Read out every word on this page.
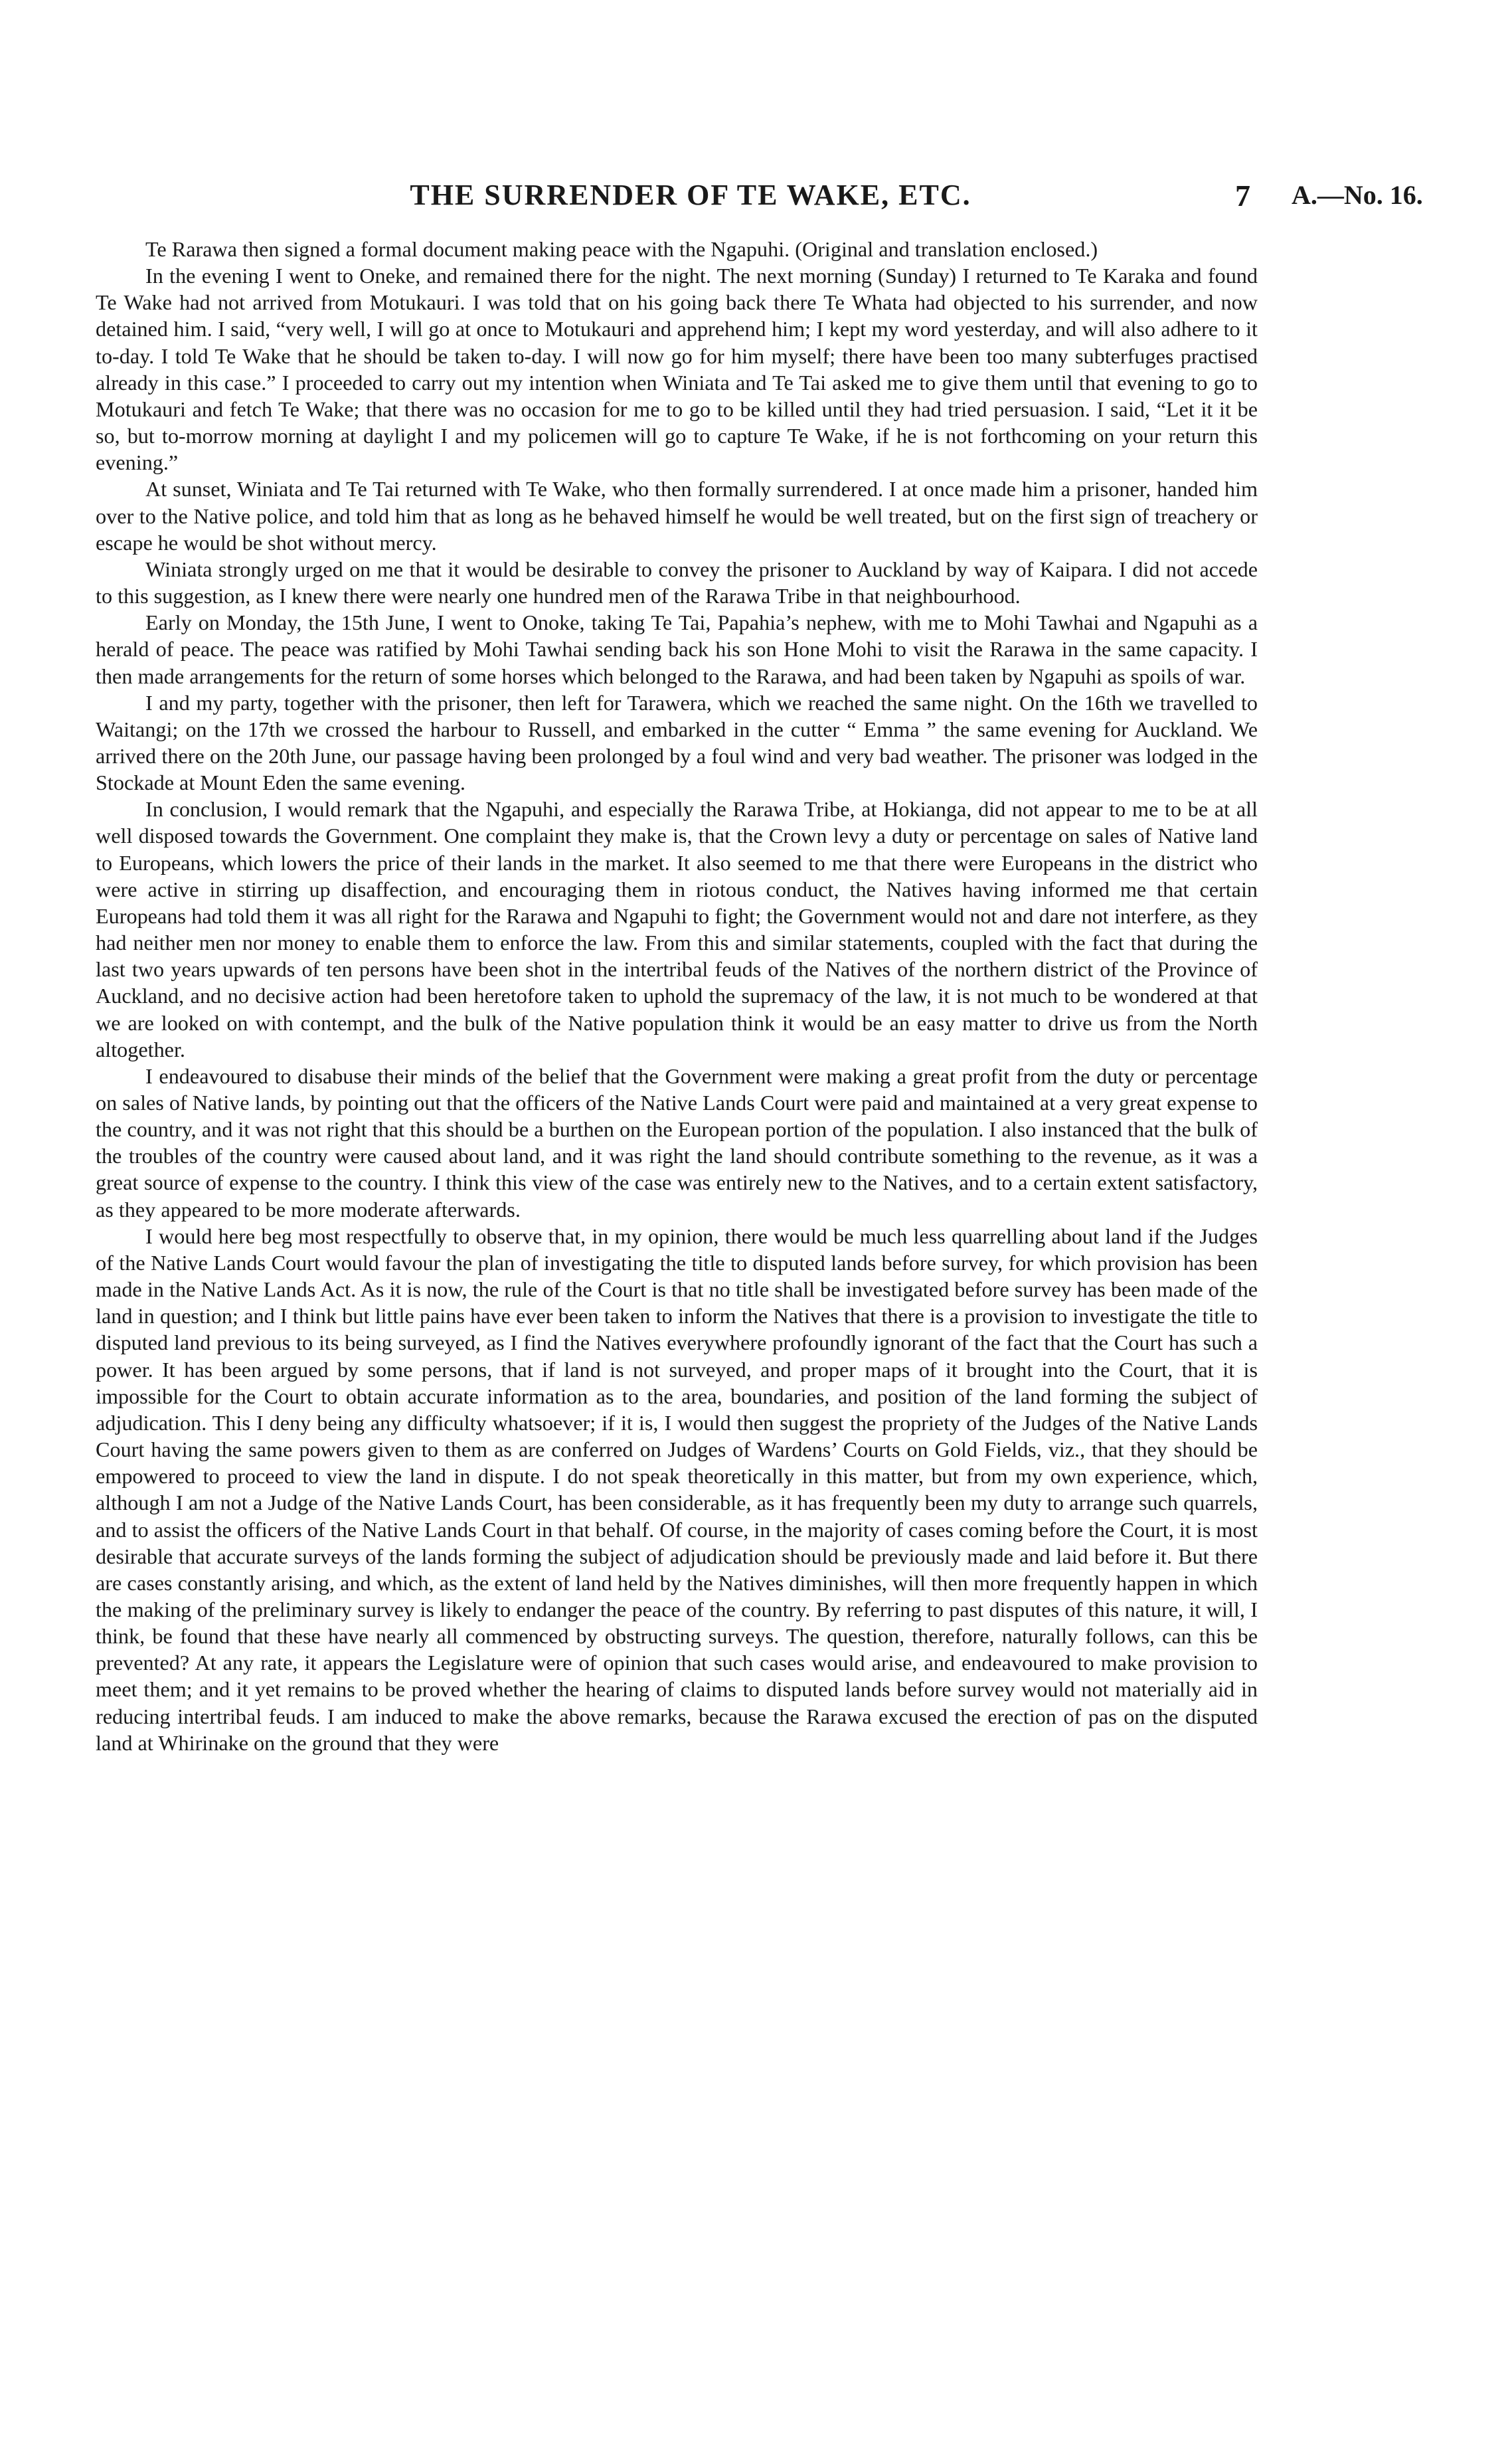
THE SURRENDER OF TE WAKE, ETC.	7 A.—No. 16.

Te Rarawa then signed a formal document making peace with the Ngapuhi. (Original and translation enclosed.)

In the evening I went to Oneke, and remained there for the night. The next morning (Sunday) I returned to Te Karaka and found Te Wake had not arrived from Motukauri. I was told that on his going back there Te Whata had objected to his surrender, and now detained him. I said, “very well, I will go at once to Motukauri and apprehend him; I kept my word yesterday, and will also adhere to it to-day. I told Te Wake that he should be taken to-day. I will now go for him myself; there have been too many subterfuges practised already in this case.” I proceeded to carry out my intention when Winiata and Te Tai asked me to give them until that evening to go to Motukauri and fetch Te Wake; that there was no occasion for me to go to be killed until they had tried persuasion. I said, “Let it it be so, but to-morrow morning at daylight I and my policemen will go to capture Te Wake, if he is not forthcoming on your return this evening.”

At sunset, Winiata and Te Tai returned with Te Wake, who then formally surrendered. I at once made him a prisoner, handed him over to the Native police, and told him that as long as he behaved himself he would be well treated, but on the first sign of treachery or escape he would be shot without mercy.

Winiata strongly urged on me that it would be desirable to convey the prisoner to Auckland by way of Kaipara. I did not accede to this suggestion, as I knew there were nearly one hundred men of the Rarawa Tribe in that neighbourhood.

Early on Monday, the 15th June, I went to Onoke, taking Te Tai, Papahia’s nephew, with me to Mohi Tawhai and Ngapuhi as a herald of peace. The peace was ratified by Mohi Tawhai sending back his son Hone Mohi to visit the Rarawa in the same capacity. I then made arrangements for the return of some horses which belonged to the Rarawa, and had been taken by Ngapuhi as spoils of war.

I and my party, together with the prisoner, then left for Tarawera, which we reached the same night. On the 16th we travelled to Waitangi; on the 17th we crossed the harbour to Russell, and embarked in the cutter “ Emma ” the same evening for Auckland. We arrived there on the 20th June, our passage having been prolonged by a foul wind and very bad weather. The prisoner was lodged in the Stockade at Mount Eden the same evening.

In conclusion, I would remark that the Ngapuhi, and especially the Rarawa Tribe, at Hokianga, did not appear to me to be at all well disposed towards the Government. One complaint they make is, that the Crown levy a duty or percentage on sales of Native land to Europeans, which lowers the price of their lands in the market. It also seemed to me that there were Europeans in the district who were active in stirring up disaffection, and encouraging them in riotous conduct, the Natives having informed me that certain Europeans had told them it was all right for the Rarawa and Ngapuhi to fight; the Government would not and dare not interfere, as they had neither men nor money to enable them to enforce the law. From this and similar statements, coupled with the fact that during the last two years upwards of ten persons have been shot in the intertribal feuds of the Natives of the northern district of the Province of Auckland, and no decisive action had been heretofore taken to uphold the supremacy of the law, it is not much to be wondered at that we are looked on with contempt, and the bulk of the Native population think it would be an easy matter to drive us from the North altogether.

I endeavoured to disabuse their minds of the belief that the Government were making a great profit from the duty or percentage on sales of Native lands, by pointing out that the officers of the Native Lands Court were paid and maintained at a very great expense to the country, and it was not right that this should be a burthen on the European portion of the population. I also instanced that the bulk of the troubles of the country were caused about land, and it was right the land should contribute something to the revenue, as it was a great source of expense to the country. I think this view of the case was entirely new to the Natives, and to a certain extent satisfactory, as they appeared to be more moderate afterwards.

I would here beg most respectfully to observe that, in my opinion, there would be much less quarrelling about land if the Judges of the Native Lands Court would favour the plan of investigating the title to disputed lands before survey, for which provision has been made in the Native Lands Act. As it is now, the rule of the Court is that no title shall be investigated before survey has been made of the land in question; and I think but little pains have ever been taken to inform the Natives that there is a provision to investigate the title to disputed land previous to its being surveyed, as I find the Natives everywhere profoundly ignorant of the fact that the Court has such a power. It has been argued by some persons, that if land is not surveyed, and proper maps of it brought into the Court, that it is impossible for the Court to obtain accurate information as to the area, boundaries, and position of the land forming the subject of adjudication. This I deny being any difficulty whatsoever; if it is, I would then suggest the propriety of the Judges of the Native Lands Court having the same powers given to them as are conferred on Judges of Wardens’ Courts on Gold Fields, viz., that they should be empowered to proceed to view the land in dispute. I do not speak theoretically in this matter, but from my own experience, which, although I am not a Judge of the Native Lands Court, has been considerable, as it has frequently been my duty to arrange such quarrels, and to assist the officers of the Native Lands Court in that behalf. Of course, in the majority of cases coming before the Court, it is most desirable that accurate surveys of the lands forming the subject of adjudication should be previously made and laid before it. But there are cases constantly arising, and which, as the extent of land held by the Natives diminishes, will then more frequently happen in which the making of the preliminary survey is likely to endanger the peace of the country. By referring to past disputes of this nature, it will, I think, be found that these have nearly all commenced by obstructing surveys. The question, therefore, naturally follows, can this be prevented? At any rate, it appears the Legislature were of opinion that such cases would arise, and endeavoured to make provision to meet them; and it yet remains to be proved whether the hearing of claims to disputed lands before survey would not materially aid in reducing intertribal feuds. I am induced to make the above remarks, because the Rarawa excused the erection of pas on the disputed land at Whirinake on the ground that they were
